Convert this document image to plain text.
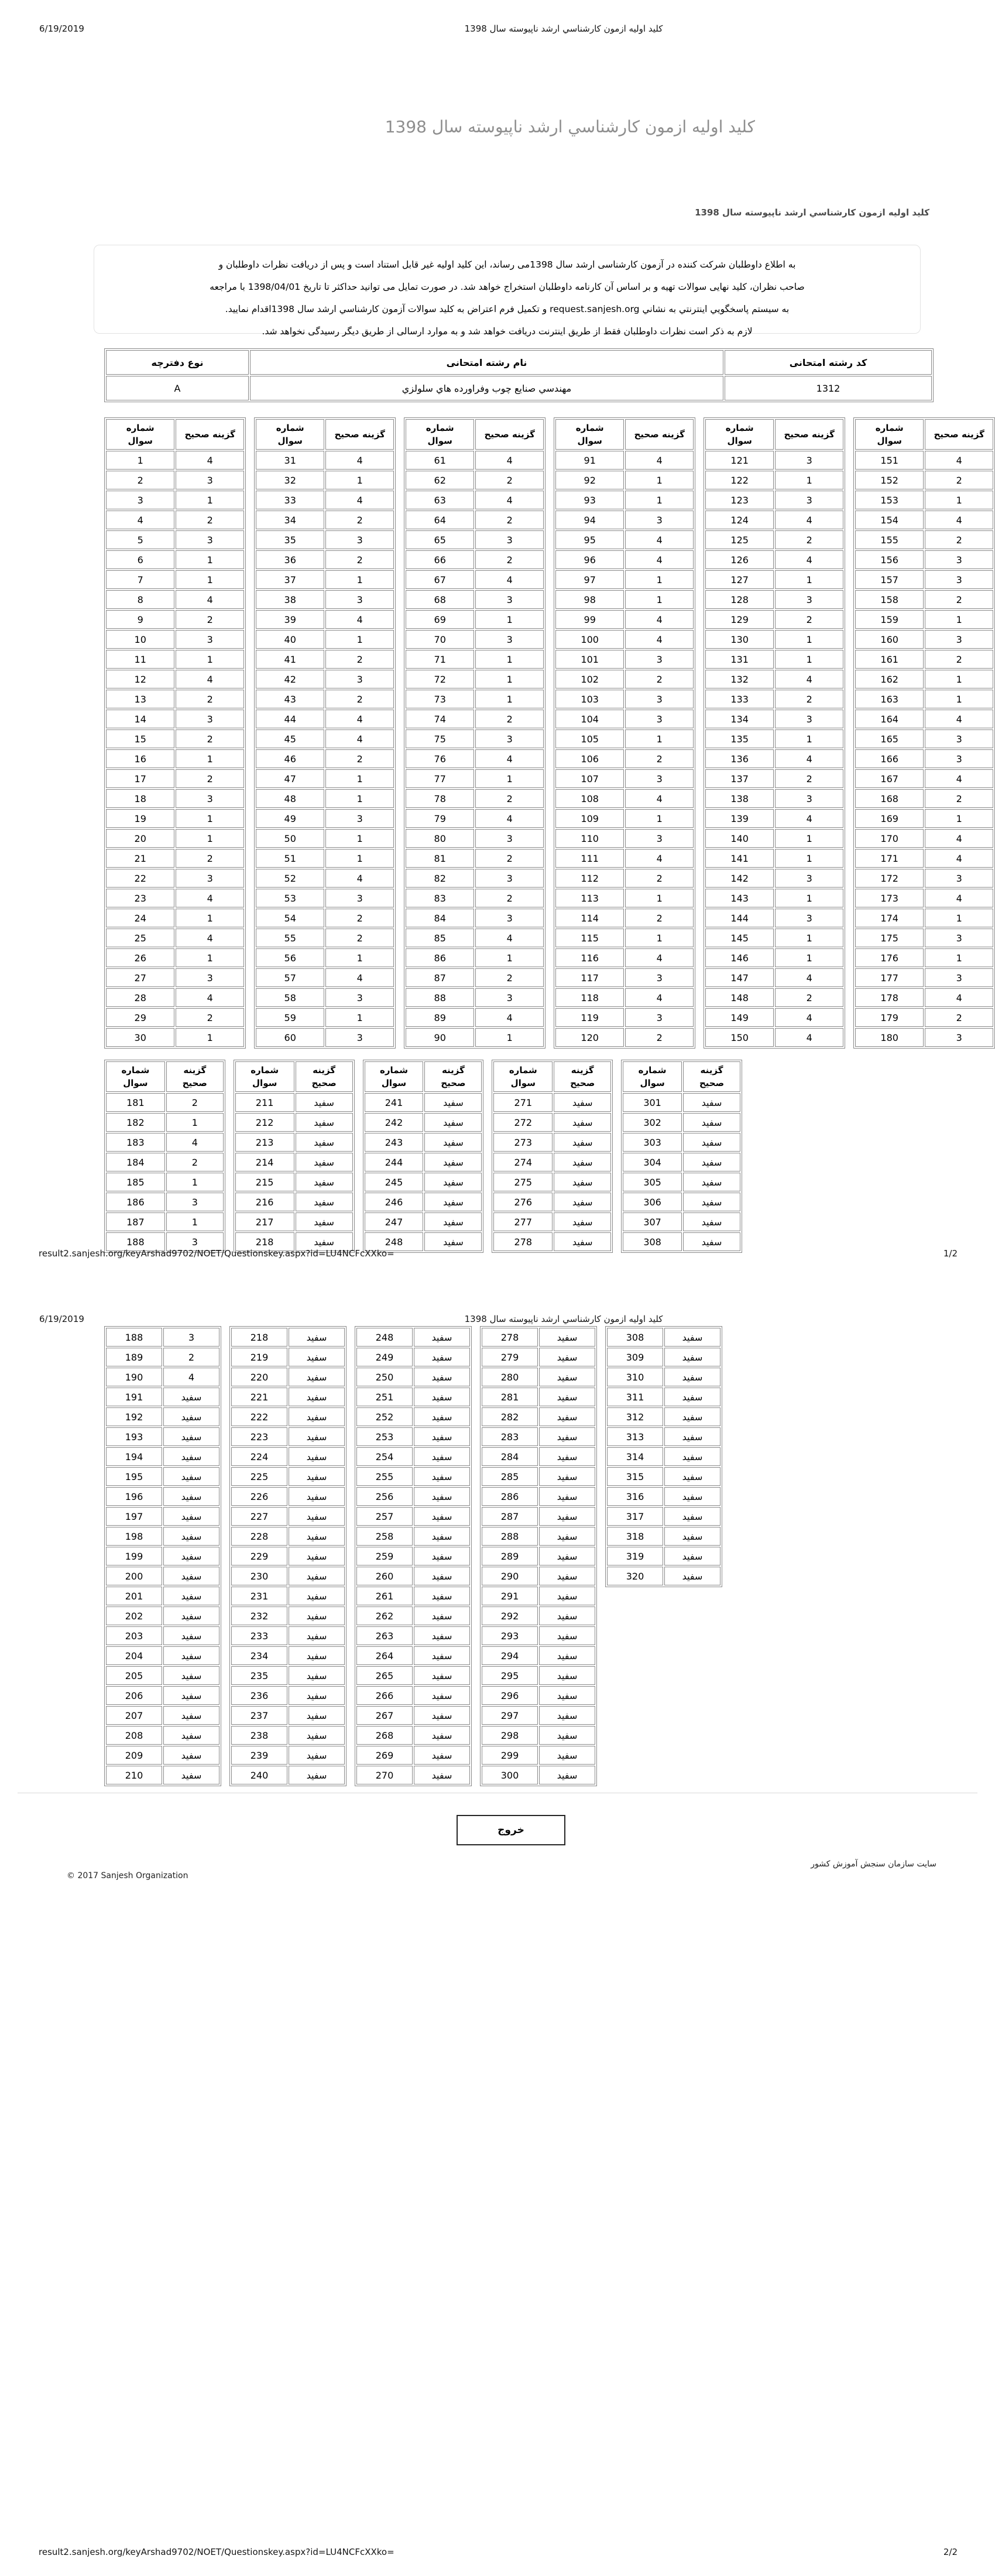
6/19/2019	کلید اولیه ازمون کارشناسي ارشد ناپیوسته سال 1398
کلید اولیه ازمون کارشناسي ارشد ناپیوسته سال 1398
کلید اولیه ازمون کارشناسي ارشد ناپیوسته سال 1398
به اطلاع داوطلبان شرکت کننده در آزمون کارشناسی ارشد سال 1398می رساند، این کلید اولیه غیر قابل استناد است و پس از دریافت نظرات داوطلبان و
صاحب نظران، کلید نهایی سوالات تهیه و بر اساس آن کارنامه داوطلبان استخراج خواهد شد. در صورت تمایل می توانید حداکثر تا تاریخ 1398/04/01 با مراجعه
به سیستم پاسخگویي اینترنتي به نشاني request.sanjesh.org و تکمیل فرم اعتراض به کلید سوالات آزمون کارشناسي ارشد سال 1398اقدام نمایید.
لازم به ذکر است نظرات داوطلبان فقط از طریق اینترنت دریافت خواهد شد و به موارد ارسالی از طریق دیگر رسیدگی نخواهد شد.
کد رشته امتحانی	نام رشته امتحانی	نوع دفترچه
1312	مهندسي صنایع چوب وفراورده هاي سلولزي	A
شماره سوال	گزینه صحیح
1	4
2	3
3	1
4	2
5	3
6	1
7	1
8	4
9	2
10	3
11	1
12	4
13	2
14	3
15	2
16	1
17	2
18	3
19	1
20	1
21	2
22	3
23	4
24	1
25	4
26	1
27	3
28	4
29	2
30	1
شماره سوال	گزینه صحیح
31	4
32	1
33	4
34	2
35	3
36	2
37	1
38	3
39	4
40	1
41	2
42	3
43	2
44	4
45	4
46	2
47	1
48	1
49	3
50	1
51	1
52	4
53	3
54	2
55	2
56	1
57	4
58	3
59	1
60	3
شماره سوال	گزینه صحیح
61	4
62	2
63	4
64	2
65	3
66	2
67	4
68	3
69	1
70	3
71	1
72	1
73	1
74	2
75	3
76	4
77	1
78	2
79	4
80	3
81	2
82	3
83	2
84	3
85	4
86	1
87	2
88	3
89	4
90	1
شماره سوال	گزینه صحیح
91	4
92	1
93	1
94	3
95	4
96	4
97	1
98	1
99	4
100	4
101	3
102	2
103	3
104	3
105	1
106	2
107	3
108	4
109	1
110	3
111	4
112	2
113	1
114	2
115	1
116	4
117	3
118	4
119	3
120	2
شماره سوال	گزینه صحیح
121	3
122	1
123	3
124	4
125	2
126	4
127	1
128	3
129	2
130	1
131	1
132	4
133	2
134	3
135	1
136	4
137	2
138	3
139	4
140	1
141	1
142	3
143	1
144	3
145	1
146	1
147	4
148	2
149	4
150	4
شماره سوال	گزینه صحیح
151	4
152	2
153	1
154	4
155	2
156	3
157	3
158	2
159	1
160	3
161	2
162	1
163	1
164	4
165	3
166	3
167	4
168	2
169	1
170	4
171	4
172	3
173	4
174	1
175	3
176	1
177	3
178	4
179	2
180	3
شماره سوال	گزینه صحیح
181	2
182	1
183	4
184	2
185	1
186	3
187	1
188	3
شماره سوال	گزینه صحیح
211	سفید
212	سفید
213	سفید
214	سفید
215	سفید
216	سفید
217	سفید
218	سفید
شماره سوال	گزینه صحیح
241	سفید
242	سفید
243	سفید
244	سفید
245	سفید
246	سفید
247	سفید
248	سفید
شماره سوال	گزینه صحیح
271	سفید
272	سفید
273	سفید
274	سفید
275	سفید
276	سفید
277	سفید
278	سفید
شماره سوال	گزینه صحیح
301	سفید
302	سفید
303	سفید
304	سفید
305	سفید
306	سفید
307	سفید
308	سفید
result2.sanjesh.org/keyArshad9702/NOET/Questionskey.aspx?id=LU4NCFcXXko=	1/2
6/19/2019	کلید اولیه ازمون کارشناسي ارشد ناپیوسته سال 1398
188	3
189	2
190	4
191	سفید
192	سفید
193	سفید
194	سفید
195	سفید
196	سفید
197	سفید
198	سفید
199	سفید
200	سفید
201	سفید
202	سفید
203	سفید
204	سفید
205	سفید
206	سفید
207	سفید
208	سفید
209	سفید
210	سفید
218	سفید
219	سفید
220	سفید
221	سفید
222	سفید
223	سفید
224	سفید
225	سفید
226	سفید
227	سفید
228	سفید
229	سفید
230	سفید
231	سفید
232	سفید
233	سفید
234	سفید
235	سفید
236	سفید
237	سفید
238	سفید
239	سفید
240	سفید
248	سفید
249	سفید
250	سفید
251	سفید
252	سفید
253	سفید
254	سفید
255	سفید
256	سفید
257	سفید
258	سفید
259	سفید
260	سفید
261	سفید
262	سفید
263	سفید
264	سفید
265	سفید
266	سفید
267	سفید
268	سفید
269	سفید
270	سفید
278	سفید
279	سفید
280	سفید
281	سفید
282	سفید
283	سفید
284	سفید
285	سفید
286	سفید
287	سفید
288	سفید
289	سفید
290	سفید
291	سفید
292	سفید
293	سفید
294	سفید
295	سفید
296	سفید
297	سفید
298	سفید
299	سفید
300	سفید
308	سفید
309	سفید
310	سفید
311	سفید
312	سفید
313	سفید
314	سفید
315	سفید
316	سفید
317	سفید
318	سفید
319	سفید
320	سفید
خروج
© 2017 Sanjesh Organization
سایت سازمان سنجش آموزش کشور
result2.sanjesh.org/keyArshad9702/NOET/Questionskey.aspx?id=LU4NCFcXXko=	2/2
